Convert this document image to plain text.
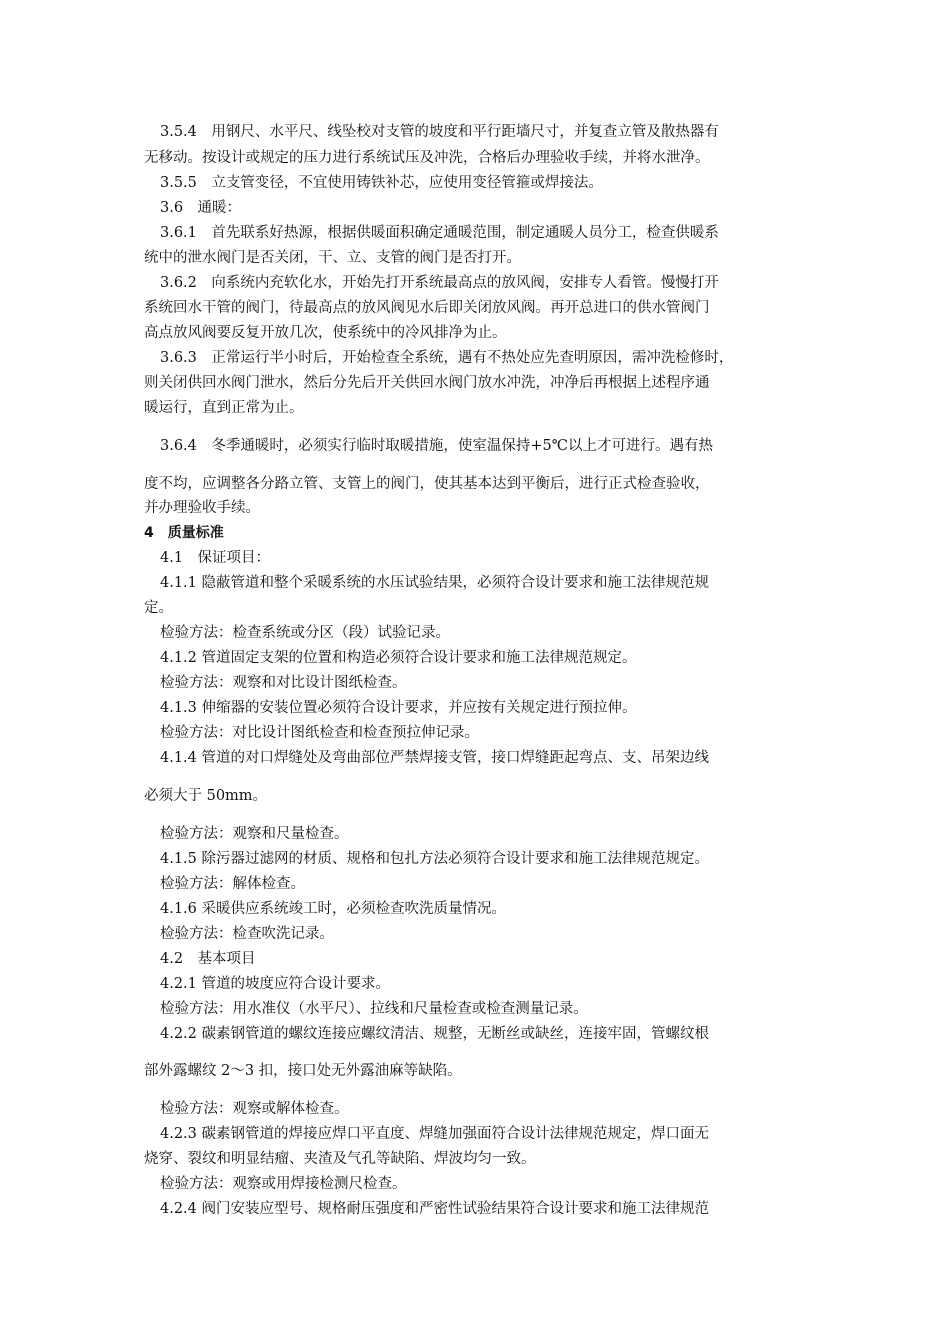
3.5.4　用钢尺、水平尺、线坠校对支管的坡度和平行距墙尺寸，并复查立管及散热器有
无移动。按设计或规定的压力进行系统试压及冲洗，合格后办理验收手续，并将水泄净。
3.5.5　立支管变径，不宜使用铸铁补芯，应使用变径管箍或焊接法。
3.6　通暖：
3.6.1　首先联系好热源，根据供暖面积确定通暖范围，制定通暖人员分工，检查供暖系
统中的泄水阀门是否关闭，干、立、支管的阀门是否打开。
3.6.2　向系统内充软化水，开始先打开系统最高点的放风阀，安排专人看管。慢慢打开
系统回水干管的阀门，待最高点的放风阀见水后即关闭放风阀。再开总进口的供水管阀门
高点放风阀要反复开放几次，使系统中的冷风排净为止。
3.6.3　正常运行半小时后，开始检查全系统，遇有不热处应先查明原因，需冲洗检修时，
则关闭供回水阀门泄水，然后分先后开关供回水阀门放水冲洗，冲净后再根据上述程序通
暖运行，直到正常为止。
3.6.4　冬季通暖时，必须实行临时取暖措施，使室温保持+5℃以上才可进行。遇有热
度不均，应调整各分路立管、支管上的阀门，使其基本达到平衡后，进行正式检查验收，
并办理验收手续。
4　质量标准
4.1　保证项目：
4.1.1 隐蔽管道和整个采暖系统的水压试验结果，必须符合设计要求和施工法律规范规
定。
检验方法：检查系统或分区（段）试验记录。
4.1.2 管道固定支架的位置和构造必须符合设计要求和施工法律规范规定。
检验方法：观察和对比设计图纸检查。
4.1.3 伸缩器的安装位置必须符合设计要求，并应按有关规定进行预拉伸。
检验方法：对比设计图纸检查和检查预拉伸记录。
4.1.4 管道的对口焊缝处及弯曲部位严禁焊接支管，接口焊缝距起弯点、支、吊架边线
必须大于 50mm。
检验方法：观察和尺量检查。
4.1.5 除污器过滤网的材质、规格和包扎方法必须符合设计要求和施工法律规范规定。
检验方法：解体检查。
4.1.6 采暖供应系统竣工时，必须检查吹洗质量情况。
检验方法：检查吹洗记录。
4.2　基本项目
4.2.1 管道的坡度应符合设计要求。
检验方法：用水准仪（水平尺）、拉线和尺量检查或检查测量记录。
4.2.2 碳素钢管道的螺纹连接应螺纹清洁、规整，无断丝或缺丝，连接牢固，管螺纹根
部外露螺纹 2～3 扣，接口处无外露油麻等缺陷。
检验方法：观察或解体检查。
4.2.3 碳素钢管道的焊接应焊口平直度、焊缝加强面符合设计法律规范规定，焊口面无
烧穿、裂纹和明显结瘤、夹渣及气孔等缺陷、焊波均匀一致。
检验方法：观察或用焊接检测尺检查。
4.2.4 阀门安装应型号、规格耐压强度和严密性试验结果符合设计要求和施工法律规范
